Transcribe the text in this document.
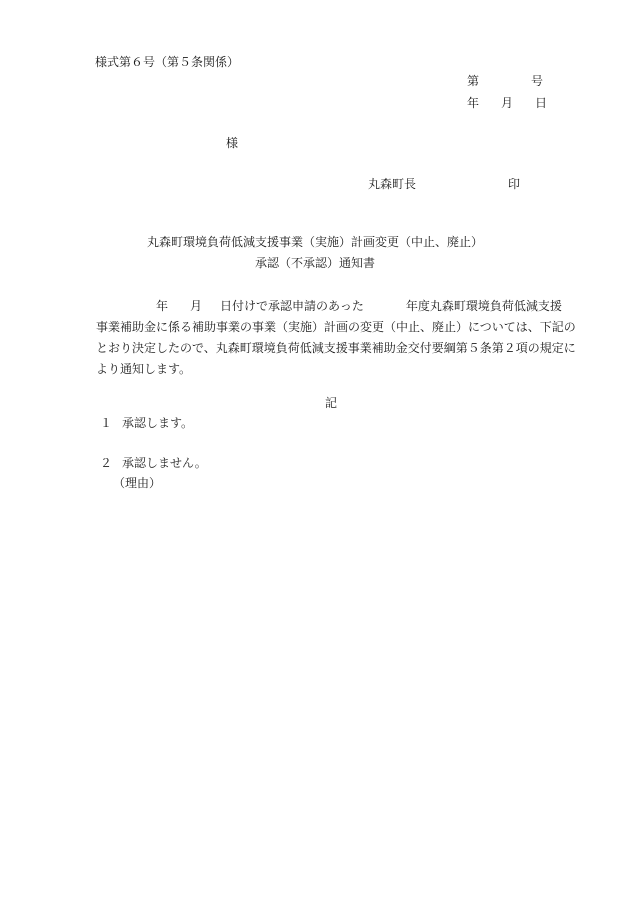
様式第６号（第５条関係）
第	号
年 月 日
様
丸森町長	印
丸森町環境負荷低減支援事業（実施）計画変更（中止、廃止）
承認（不承認）通知書

年 月 日付けで承認申請のあった	年度丸森町環境負荷低減支援

事業補助金に係る補助事業の事業（実施）計画の変更（中止、廃止）については、下記の

とおり決定したので、丸森町環境負荷低減支援事業補助金交付要綱第５条第２項の規定に

より通知します。

記
１ 承認します。
２ 承認しません。
（理由）
